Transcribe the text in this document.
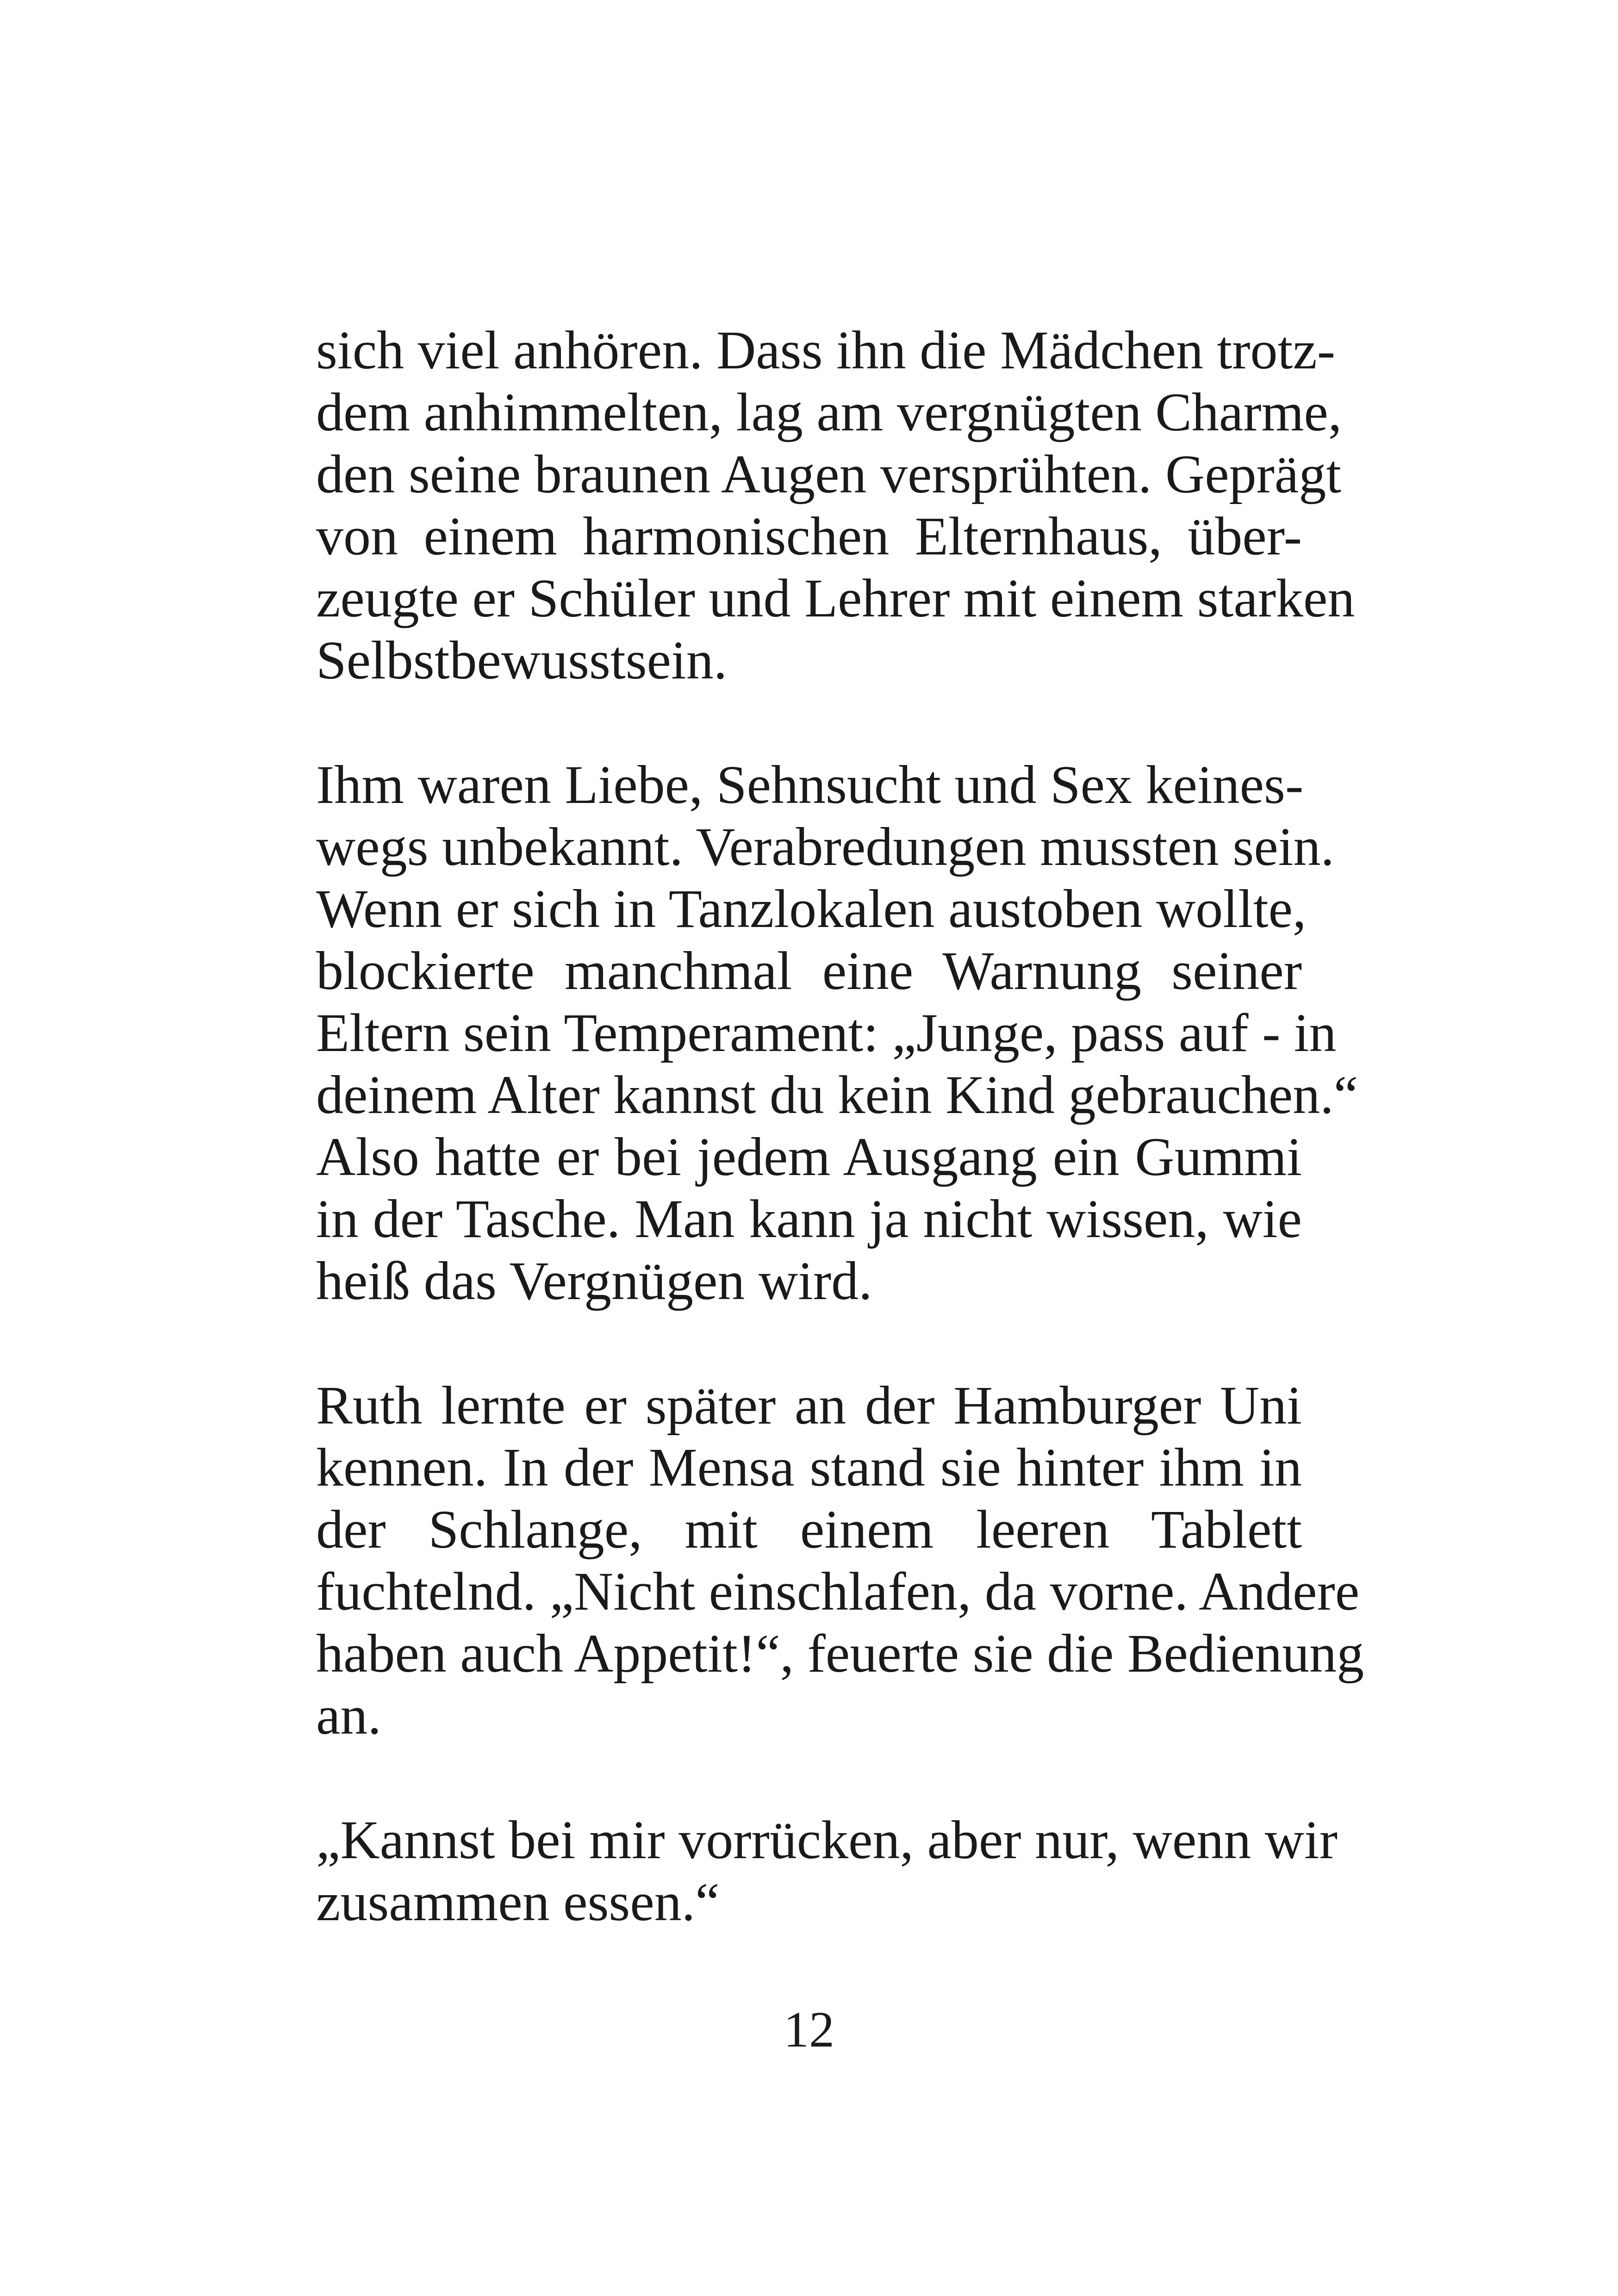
sich viel anhören. Dass ihn die Mädchen trotz-
dem anhimmelten, lag am vergnügten Charme,
den seine braunen Augen versprühten. Geprägt
von einem harmonischen Elternhaus, über-
zeugte er Schüler und Lehrer mit einem starken
Selbstbewusstsein.

Ihm waren Liebe, Sehnsucht und Sex keines-
wegs unbekannt. Verabredungen mussten sein.
Wenn er sich in Tanzlokalen austoben wollte,
blockierte manchmal eine Warnung seiner
Eltern sein Temperament: „Junge, pass auf - in
deinem Alter kannst du kein Kind gebrauchen.“
Also hatte er bei jedem Ausgang ein Gummi
in der Tasche. Man kann ja nicht wissen, wie
heiß das Vergnügen wird.

Ruth lernte er später an der Hamburger Uni
kennen. In der Mensa stand sie hinter ihm in
der Schlange, mit einem leeren Tablett
fuchtelnd. „Nicht einschlafen, da vorne. Andere
haben auch Appetit!“, feuerte sie die Bedienung
an.

„Kannst bei mir vorrücken, aber nur, wenn wir
zusammen essen.“

12
